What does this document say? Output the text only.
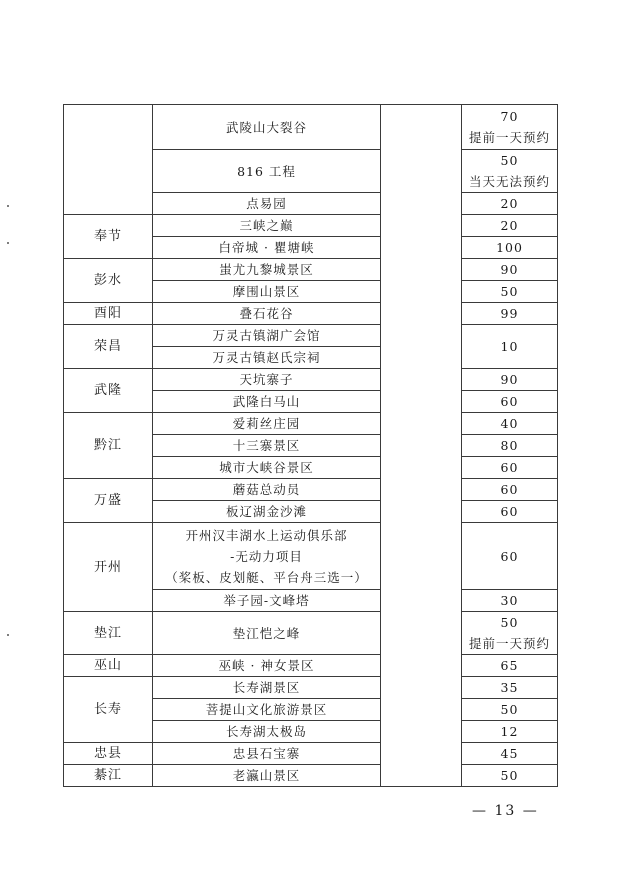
	武陵山大裂谷		70
提前一天预约

	816 工程		50
当天无法预约

	点易园		20
奉节	三峡之巅		20
	白帝城 · 瞿塘峡		100
彭水	蚩尤九黎城景区		90
	摩围山景区		50
酉阳	叠石花谷		99
荣昌	万灵古镇湖广会馆		10
	万灵古镇赵氏宗祠		
武隆	天坑寨子		90
	武隆白马山		60
黔江	爱莉丝庄园		40
	十三寨景区		80
	城市大峡谷景区		60
万盛	蘑菇总动员		60
	板辽湖金沙滩		60
开州	开州汉丰湖水上运动俱乐部
-无动力项目
（桨板、皮划艇、平台舟三选一）		60
	举子园-文峰塔		30
垫江	垫江恺之峰		50
提前一天预约

巫山	巫峡 · 神女景区		65
长寿	长寿湖景区		35
	菩提山文化旅游景区		50
	长寿湖太极岛		12
忠县	忠县石宝寨		45
綦江	老瀛山景区		50
— 13 —
